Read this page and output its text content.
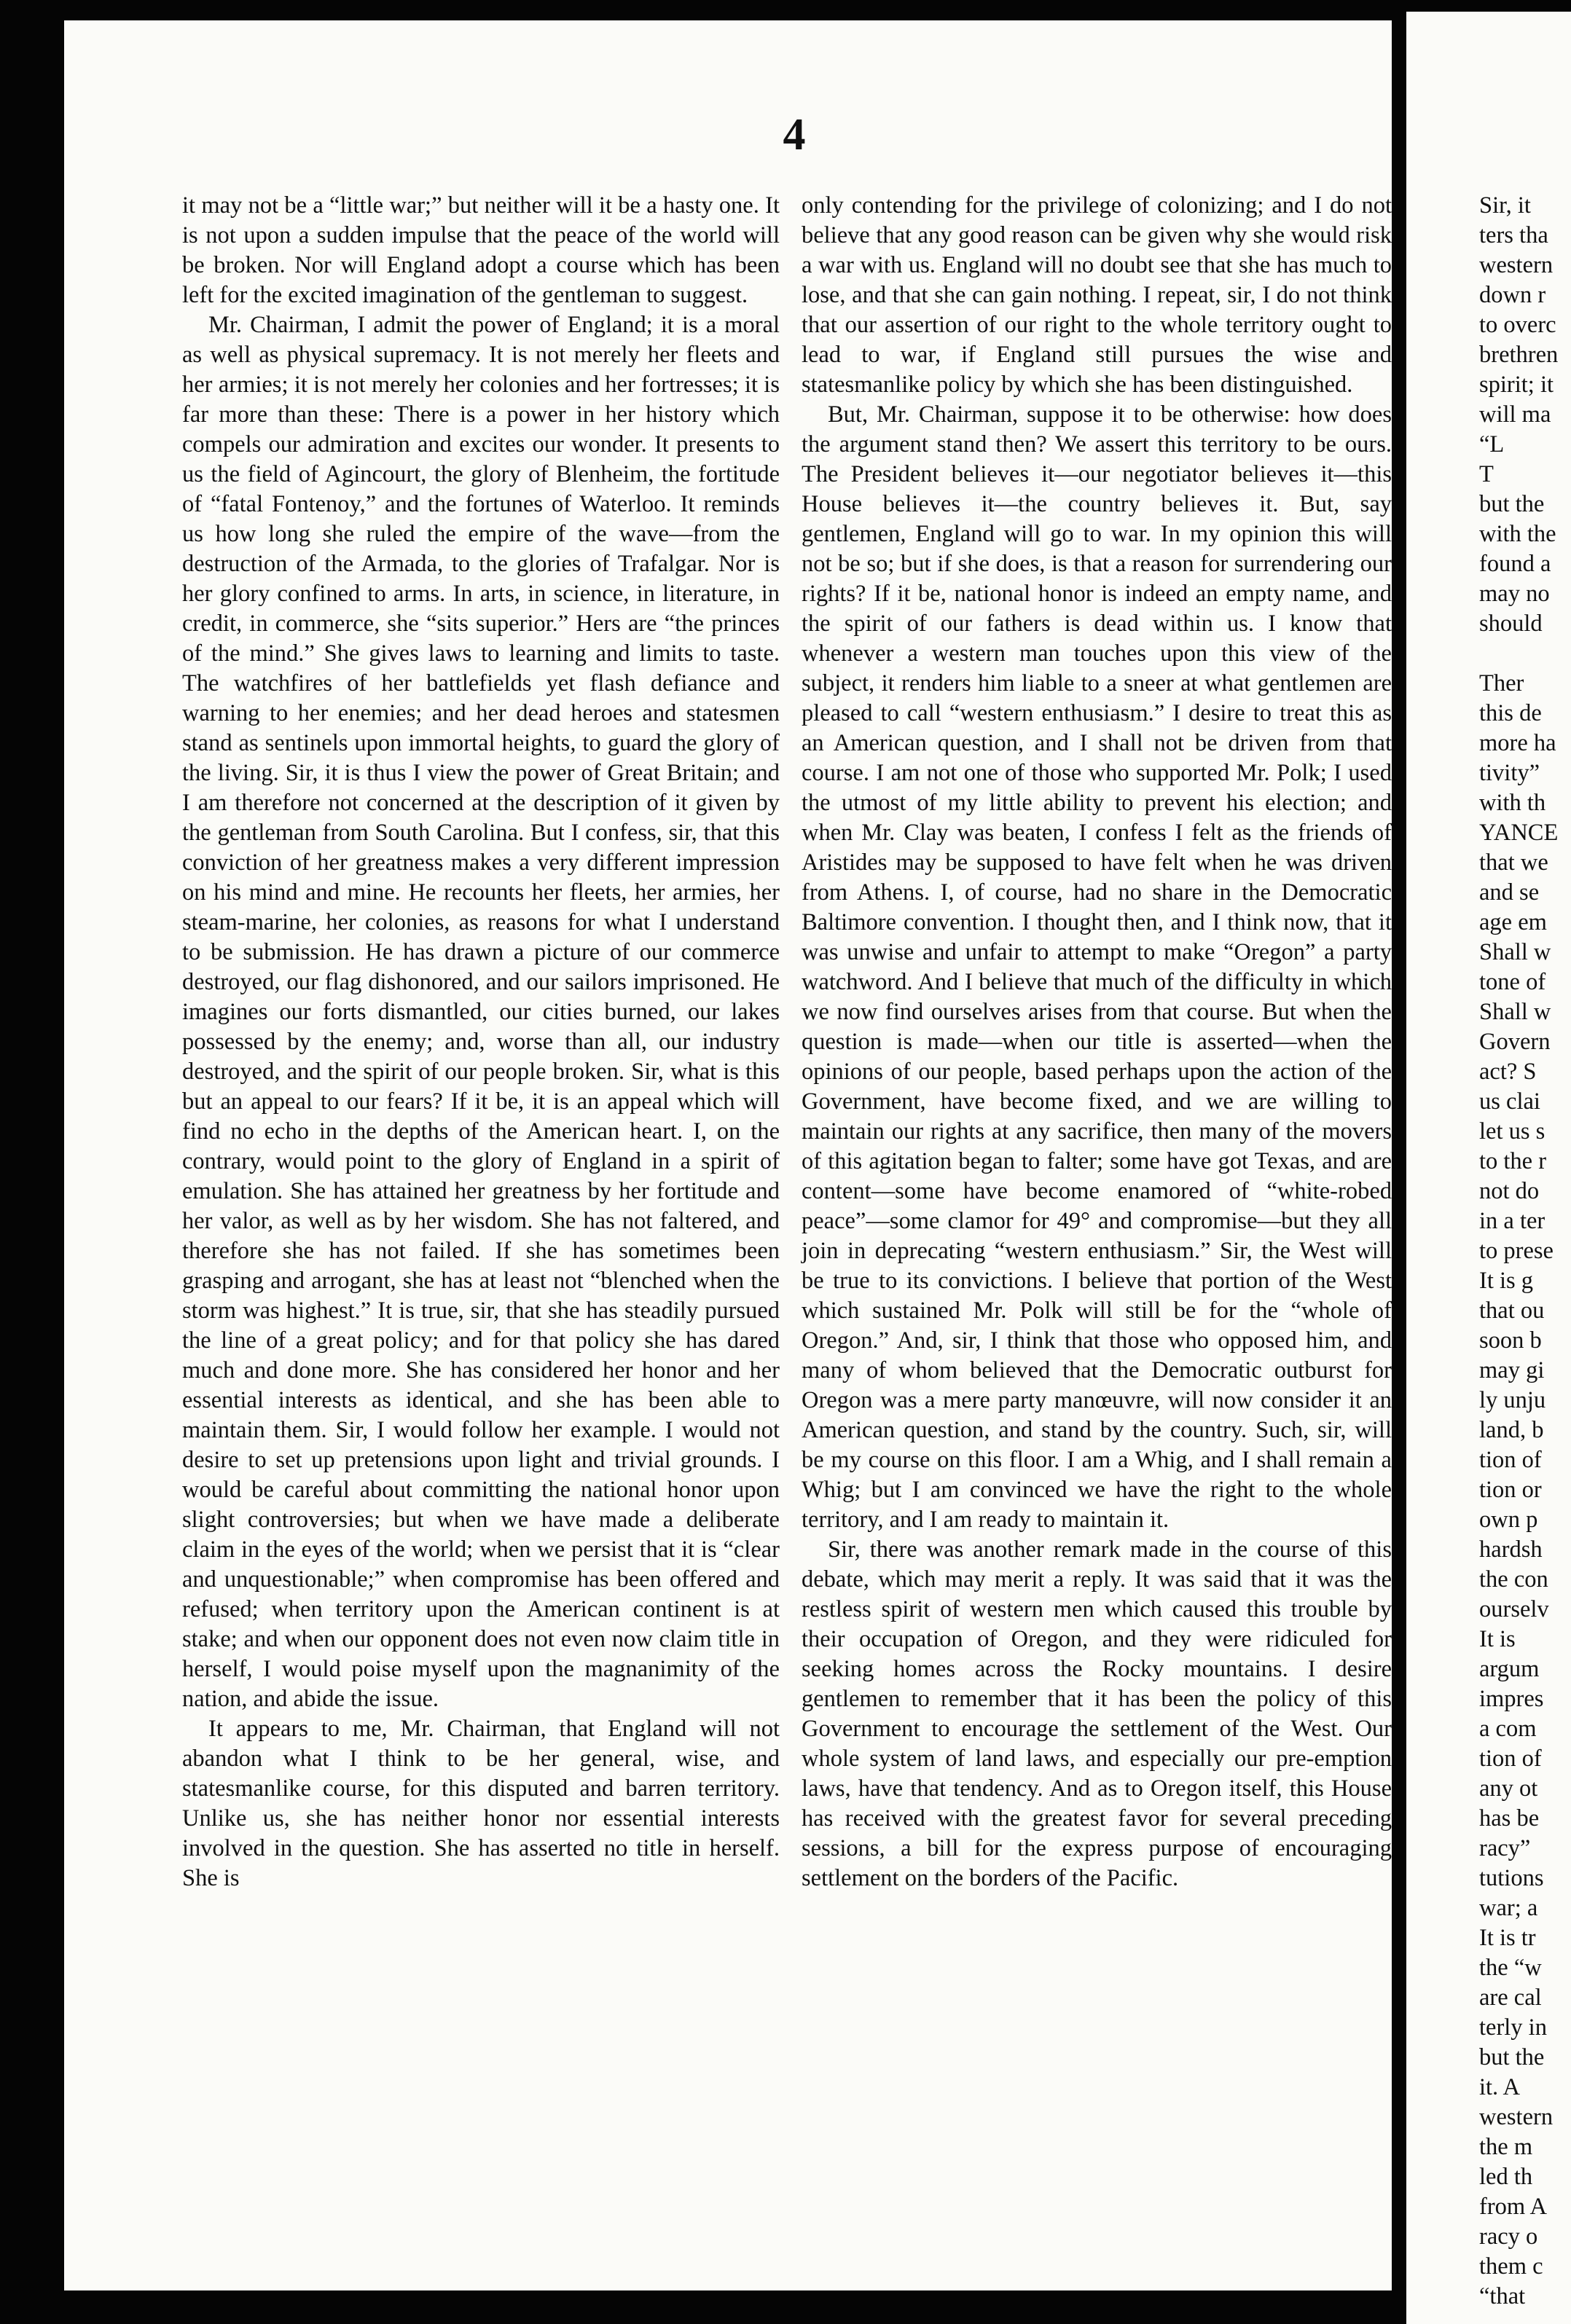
4

it may not be a “little war;” but neither will it be a hasty one. It is not upon a sudden impulse that the peace of the world will be broken. Nor will England adopt a course which has been left for the excited imagination of the gentleman to suggest.

Mr. Chairman, I admit the power of England; it is a moral as well as physical supremacy. It is not merely her fleets and her armies; it is not merely her colonies and her fortresses; it is far more than these: There is a power in her history which compels our admiration and excites our wonder. It presents to us the field of Agincourt, the glory of Blenheim, the fortitude of “fatal Fontenoy,” and the fortunes of Waterloo. It reminds us how long she ruled the empire of the wave—from the destruction of the Armada, to the glories of Trafalgar. Nor is her glory confined to arms. In arts, in science, in literature, in credit, in commerce, she “sits superior.” Hers are “the princes of the mind.” She gives laws to learning and limits to taste. The watchfires of her battlefields yet flash defiance and warning to her enemies; and her dead heroes and statesmen stand as sentinels upon immortal heights, to guard the glory of the living. Sir, it is thus I view the power of Great Britain; and I am therefore not concerned at the description of it given by the gentleman from South Carolina. But I confess, sir, that this conviction of her greatness makes a very different impression on his mind and mine. He recounts her fleets, her armies, her steam-marine, her colonies, as reasons for what I understand to be submission. He has drawn a picture of our commerce destroyed, our flag dishonored, and our sailors imprisoned. He imagines our forts dismantled, our cities burned, our lakes possessed by the enemy; and, worse than all, our industry destroyed, and the spirit of our people broken. Sir, what is this but an appeal to our fears? If it be, it is an appeal which will find no echo in the depths of the American heart. I, on the contrary, would point to the glory of England in a spirit of emulation. She has attained her greatness by her fortitude and her valor, as well as by her wisdom. She has not faltered, and therefore she has not failed. If she has sometimes been grasping and arrogant, she has at least not “blenched when the storm was highest.” It is true, sir, that she has steadily pursued the line of a great policy; and for that policy she has dared much and done more. She has considered her honor and her essential interests as identical, and she has been able to maintain them. Sir, I would follow her example. I would not desire to set up pretensions upon light and trivial grounds. I would be careful about committing the national honor upon slight controversies; but when we have made a deliberate claim in the eyes of the world; when we persist that it is “clear and unquestionable;” when compromise has been offered and refused; when territory upon the American continent is at stake; and when our opponent does not even now claim title in herself, I would poise myself upon the magnanimity of the nation, and abide the issue.

It appears to me, Mr. Chairman, that England will not abandon what I think to be her general, wise, and statesmanlike course, for this disputed and barren territory. Unlike us, she has neither honor nor essential interests involved in the question. She has asserted no title in herself. She is

only contending for the privilege of colonizing; and I do not believe that any good reason can be given why she would risk a war with us. England will no doubt see that she has much to lose, and that she can gain nothing. I repeat, sir, I do not think that our assertion of our right to the whole territory ought to lead to war, if England still pursues the wise and statesmanlike policy by which she has been distinguished.

But, Mr. Chairman, suppose it to be otherwise: how does the argument stand then? We assert this territory to be ours. The President believes it—our negotiator believes it—this House believes it—the country believes it. But, say gentlemen, England will go to war. In my opinion this will not be so; but if she does, is that a reason for surrendering our rights? If it be, national honor is indeed an empty name, and the spirit of our fathers is dead within us. I know that whenever a western man touches upon this view of the subject, it renders him liable to a sneer at what gentlemen are pleased to call “western enthusiasm.” I desire to treat this as an American question, and I shall not be driven from that course. I am not one of those who supported Mr. Polk; I used the utmost of my little ability to prevent his election; and when Mr. Clay was beaten, I confess I felt as the friends of Aristides may be supposed to have felt when he was driven from Athens. I, of course, had no share in the Democratic Baltimore convention. I thought then, and I think now, that it was unwise and unfair to attempt to make “Oregon” a party watchword. And I believe that much of the difficulty in which we now find ourselves arises from that course. But when the question is made—when our title is asserted—when the opinions of our people, based perhaps upon the action of the Government, have become fixed, and we are willing to maintain our rights at any sacrifice, then many of the movers of this agitation began to falter; some have got Texas, and are content—some have become enamored of “white-robed peace”—some clamor for 49° and compromise—but they all join in deprecating “western enthusiasm.” Sir, the West will be true to its convictions. I believe that portion of the West which sustained Mr. Polk will still be for the “whole of Oregon.” And, sir, I think that those who opposed him, and many of whom believed that the Democratic outburst for Oregon was a mere party manœuvre, will now consider it an American question, and stand by the country. Such, sir, will be my course on this floor. I am a Whig, and I shall remain a Whig; but I am convinced we have the right to the whole territory, and I am ready to maintain it.

Sir, there was another remark made in the course of this debate, which may merit a reply. It was said that it was the restless spirit of western men which caused this trouble by their occupation of Oregon, and they were ridiculed for seeking homes across the Rocky mountains. I desire gentlemen to remember that it has been the policy of this Government to encourage the settlement of the West. Our whole system of land laws, and especially our pre-emption laws, have that tendency. And as to Oregon itself, this House has received with the greatest favor for several preceding sessions, a bill for the express purpose of encouraging settlement on the borders of the Pacific.

Sir, it
ters tha
western
down r
to overc
brethren
spirit; it
will ma
“L
T
but the
with the
found a
may no
should
Ther
this de
more ha
tivity”
with th
YANCE
that we
and se
age em
Shall w
tone of
Shall w
Govern
act? S
us clai
let us s
to the r
not do
in a ter
to prese
It is g
that ou
soon b
may gi
ly unju
land, b
tion of
tion or
own p
hardsh
the con
ourselv
It is
argum
impres
a com
tion of
any ot
has be
racy”
tutions
war; a
It is tr
the “w
are cal
terly in
but the
it. A
western
the m
led th
from A
racy o
them c
“that
